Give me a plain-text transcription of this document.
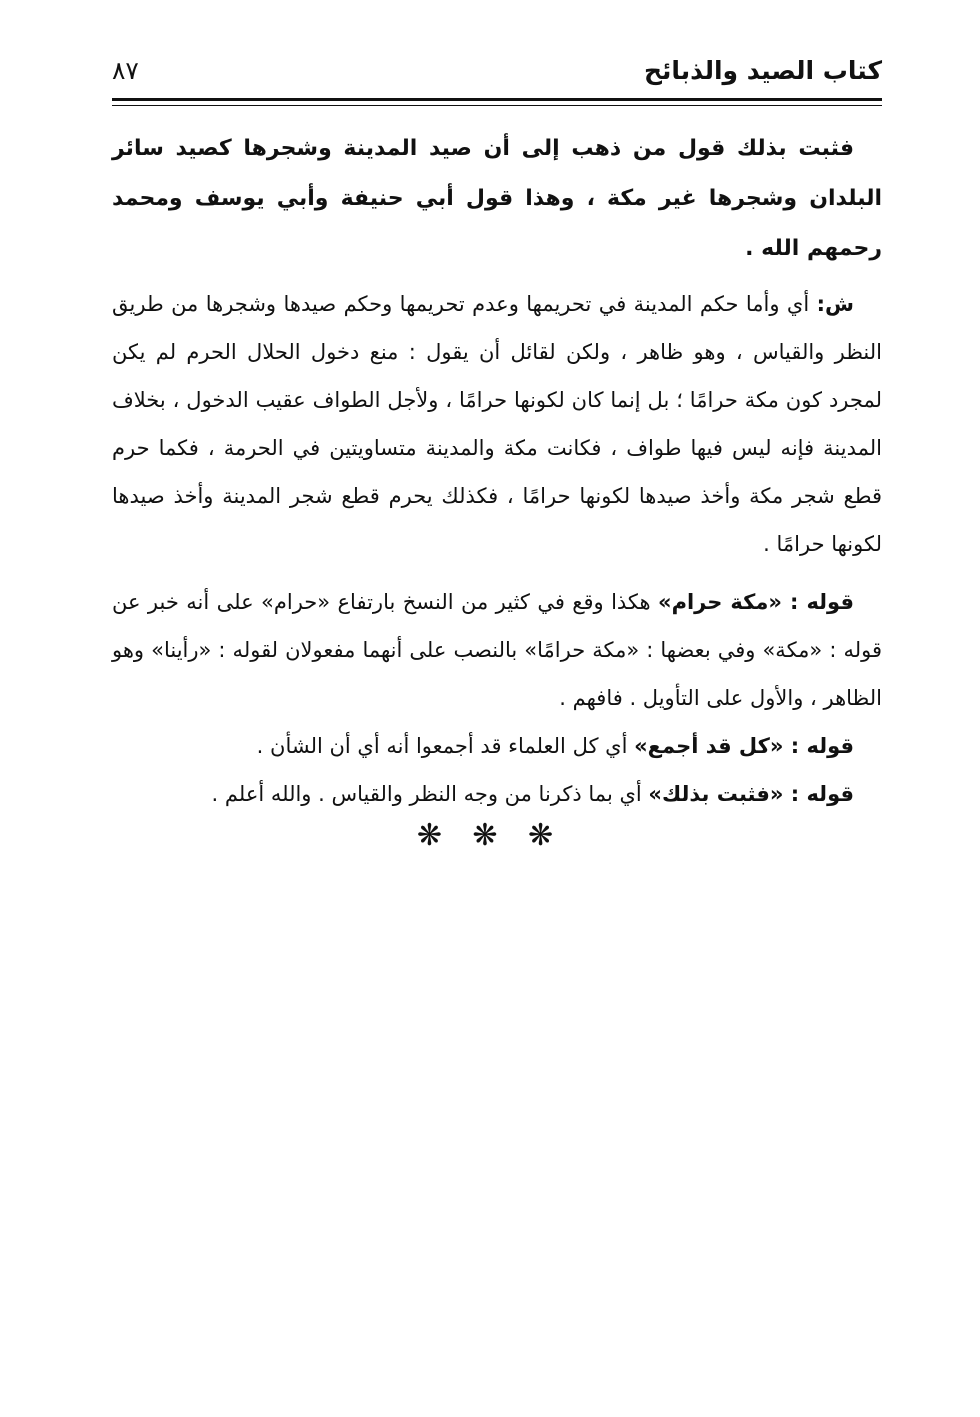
كتاب الصيد والذبائح
٨٧

فثبت بذلك قول من ذهب إلى أن صيد المدينة وشجرها كصيد سائر البلدان وشجرها غير مكة ، وهذا قول أبي حنيفة وأبي يوسف ومحمد رحمهم الله .

ش: أي وأما حكم المدينة في تحريمها وعدم تحريمها وحكم صيدها وشجرها من طريق النظر والقياس ، وهو ظاهر ، ولكن لقائل أن يقول : منع دخول الحلال الحرم لم يكن لمجرد كون مكة حرامًا ؛ بل إنما كان لكونها حرامًا ، ولأجل الطواف عقيب الدخول ، بخلاف المدينة فإنه ليس فيها طواف ، فكانت مكة والمدينة متساويتين في الحرمة ، فكما حرم قطع شجر مكة وأخذ صيدها لكونها حرامًا ، فكذلك يحرم قطع شجر المدينة وأخذ صيدها لكونها حرامًا .

قوله : «مكة حرام» هكذا وقع في كثير من النسخ بارتفاع «حرام» على أنه خبر عن قوله : «مكة» وفي بعضها : «مكة حرامًا» بالنصب على أنهما مفعولان لقوله : «رأينا» وهو الظاهر ، والأول على التأويل . فافهم .

قوله : «كل قد أجمع» أي كل العلماء قد أجمعوا أنه أي أن الشأن .

قوله : «فثبت بذلك» أي بما ذكرنا من وجه النظر والقياس . والله أعلم .

❋ ❋ ❋
